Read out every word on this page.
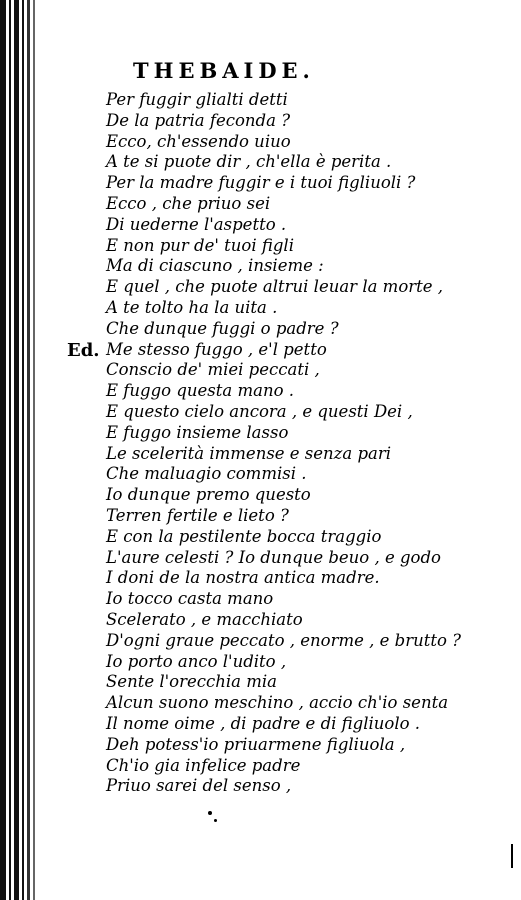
THEBAIDE.
Per fuggir glialti detti
De la patria feconda ?
Ecco, ch'essendo uiuo
A te si puote dir , ch'ella è perita .
Per la madre fuggir e i tuoi figliuoli ?
Ecco , che priuo sei
Di uederne l'aspetto .
E non pur de' tuoi figli
Ma di ciascuno , insieme :
E quel , che puote altrui leuar la morte ,
A te tolto ha la uita .
Che dunque fuggi o padre ?
Ed. Me stesso fuggo , e'l petto
Conscio de' miei peccati ,
E fuggo questa mano .
E questo cielo ancora , e questi Dei ,
E fuggo insieme lasso
Le scelerità immense e senza pari
Che maluagio commisi .
Io dunque premo questo
Terren fertile e lieto ?
E con la pestilente bocca traggio
L'aure celesti ? Io dunque beuo , e godo
I doni de la nostra antica madre.
Io tocco casta mano
Scelerato , e macchiato
D'ogni graue peccato , enorme , e brutto ?
Io porto anco l'udito ,
Sente l'orecchia mia
Alcun suono meschino , accio ch'io senta
Il nome oime , di padre e di figliuolo .
Deh potess'io priuarmene figliuola ,
Ch'io gia infelice padre
Priuo sarei del senso ,
